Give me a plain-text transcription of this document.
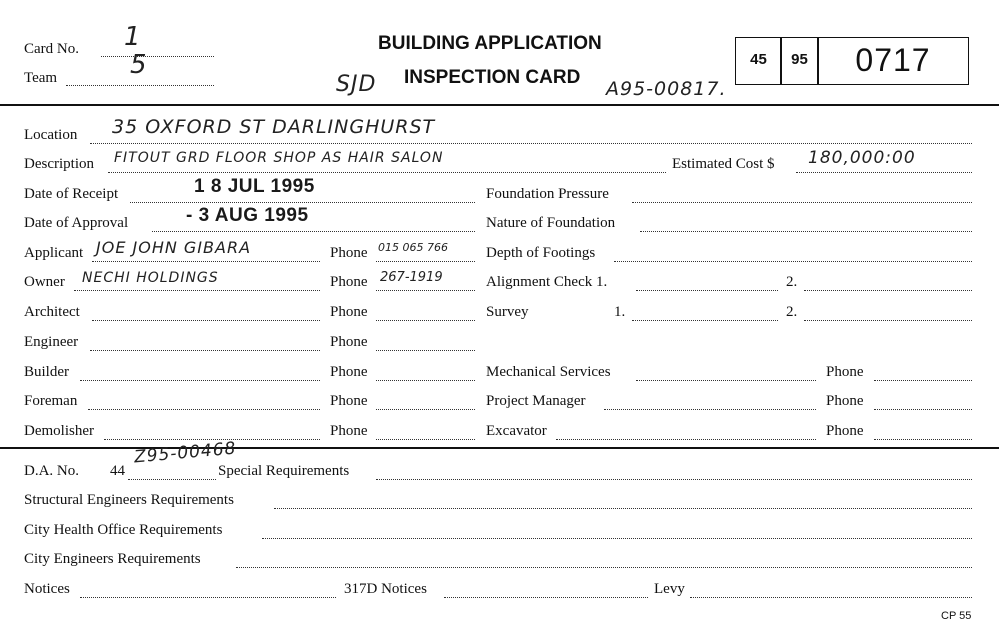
Card No. 1
Team	5
SJD
BUILDING APPLICATION
INSPECTION CARD
A95-00817.
45	95	0717
Location 35 OXFORD ST DARLINGHURST
Description FITOUT GRD FLOOR SHOP AS HAIR SALON	Estimated Cost $ 180,000:00
Date of Receipt	1 8 JUL 1995	Foundation Pressure
Date of Approval	- 3 AUG 1995	Nature of Foundation
Applicant JOE JOHN GIBARA	Phone 015 065 766	Depth of Footings
Owner NECHI HOLDINGS	Phone 267-1919	Alignment Check 1.	2.
Architect	Phone	Survey	1.	2.
Engineer	Phone
Builder	Phone	Mechanical Services	Phone
Foreman	Phone	Project Manager	Phone
Demolisher	Phone	Excavator	Phone
D.A. No. 44
Z95-00468
Special Requirements
Structural Engineers Requirements
City Health Office Requirements
City Engineers Requirements
Notices	317D Notices	Levy
CP 55
